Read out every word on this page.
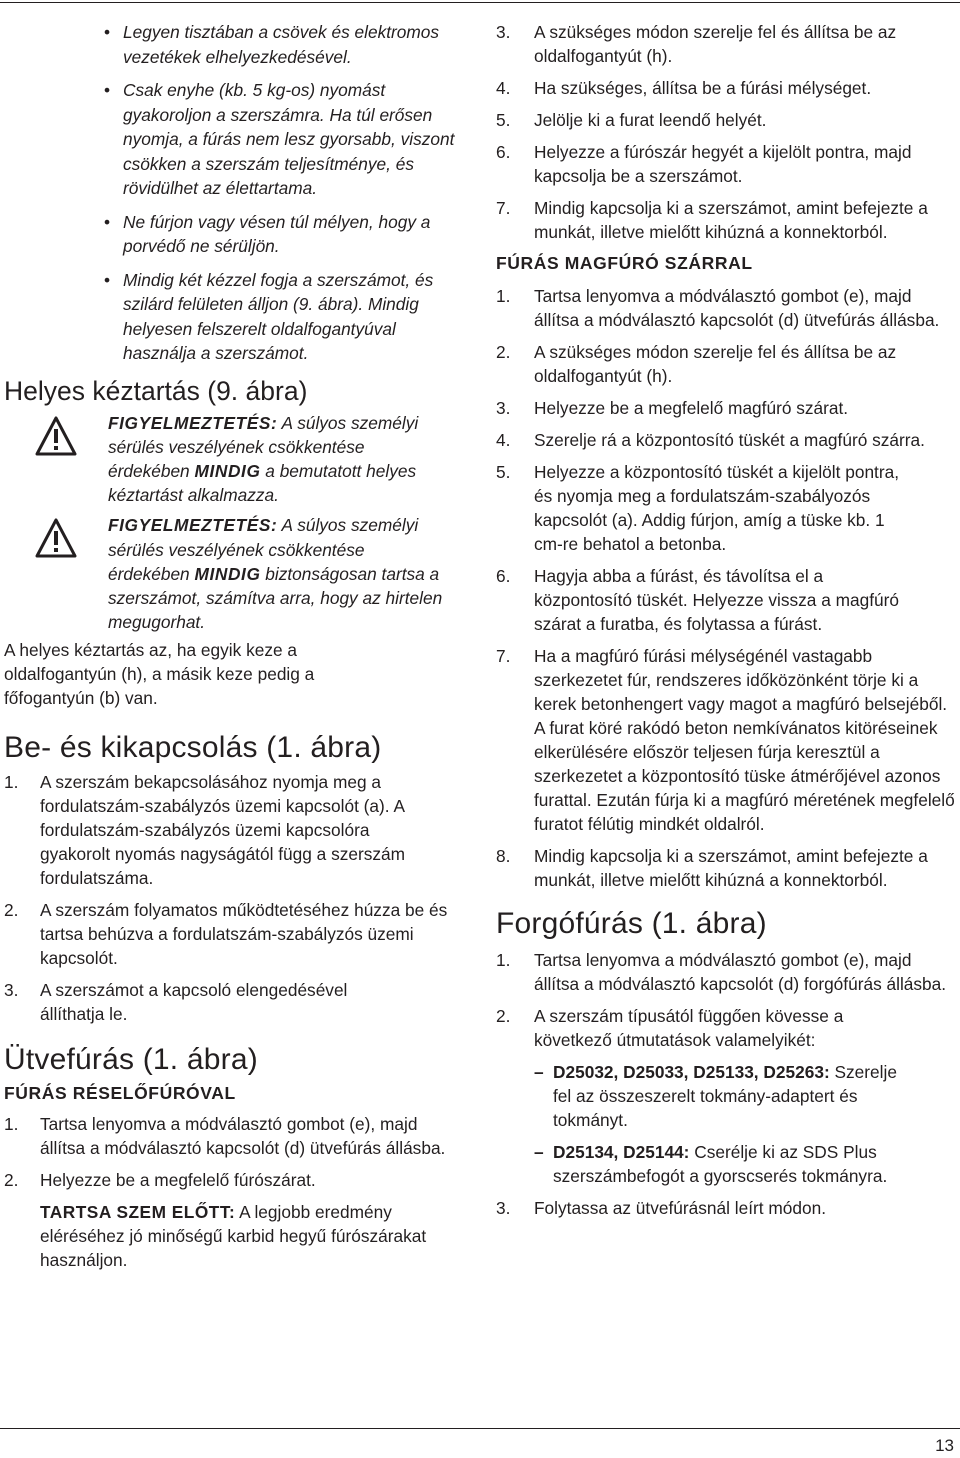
• Legyen tisztában a csövek és elektromos vezetékek elhelyezkedésével.
• Csak enyhe (kb. 5 kg-os) nyomást gyakoroljon a szerszámra. Ha túl erősen nyomja, a fúrás nem lesz gyorsabb, viszont csökken a szerszám teljesítménye, és rövidülhet az élettartama.
• Ne fúrjon vagy vésen túl mélyen, hogy a porvédő ne sérüljön.
• Mindig két kézzel fogja a szerszámot, és szilárd felületen álljon (9. ábra). Mindig helyesen felszerelt oldalfogantyúval használja a szerszámot.
Helyes kéztartás (9. ábra)
FIGYELMEZTETÉS: A súlyos személyi sérülés veszélyének csökkentése érdekében MINDIG a bemutatott helyes kéztartást alkalmazza.
FIGYELMEZTETÉS: A súlyos személyi sérülés veszélyének csökkentése érdekében MINDIG biztonságosan tartsa a szerszámot, számítva arra, hogy az hirtelen megugorhat.

A helyes kéztartás az, ha egyik keze a oldalfogantyún (h), a másik keze pedig a főfogantyún (b) van.

Be- és kikapcsolás (1. ábra)
1. A szerszám bekapcsolásához nyomja meg a fordulatszám-szabályzós üzemi kapcsolót (a). A fordulatszám-szabályzós üzemi kapcsolóra gyakorolt nyomás nagyságától függ a szerszám fordulatszáma.
2. A szerszám folyamatos működtetéséhez húzza be és tartsa behúzva a fordulatszám-szabályzós üzemi kapcsolót.
3. A szerszámot a kapcsoló elengedésével állíthatja le.
Ütvefúrás (1. ábra)
FÚRÁS RÉSELŐFÚRÓVAL
1. Tartsa lenyomva a módválasztó gombot (e), majd állítsa a módválasztó kapcsolót (d) ütvefúrás állásba.
2. Helyezze be a megfelelő fúrószárat.

TARTSA SZEM ELŐTT: A legjobb eredmény eléréséhez jó minőségű karbid hegyű fúrószárakat használjon.

3. A szükséges módon szerelje fel és állítsa be az oldalfogantyút (h).
4. Ha szükséges, állítsa be a fúrási mélységet.
5. Jelölje ki a furat leendő helyét.
6. Helyezze a fúrószár hegyét a kijelölt pontra, majd kapcsolja be a szerszámot.
7. Mindig kapcsolja ki a szerszámot, amint befejezte a munkát, illetve mielőtt kihúzná a konnektorból.
FÚRÁS MAGFÚRÓ SZÁRRAL
1. Tartsa lenyomva a módválasztó gombot (e), majd állítsa a módválasztó kapcsolót (d) ütvefúrás állásba.
2. A szükséges módon szerelje fel és állítsa be az oldalfogantyút (h).
3. Helyezze be a megfelelő magfúró szárat.
4. Szerelje rá a központosító tüskét a magfúró szárra.
5. Helyezze a központosító tüskét a kijelölt pontra, és nyomja meg a fordulatszám-szabályozós kapcsolót (a). Addig fúrjon, amíg a tüske kb. 1 cm-re behatol a betonba.
6. Hagyja abba a fúrást, és távolítsa el a központosító tüskét. Helyezze vissza a magfúró szárat a furatba, és folytassa a fúrást.
7. Ha a magfúró fúrási mélységénél vastagabb szerkezetet fúr, rendszeres időközönként törje ki a kerek betonhengert vagy magot a magfúró belsejéből. A furat köré rakódó beton nemkívánatos kitöréseinek elkerülésére először teljesen fúrja keresztül a szerkezetet a központosító tüske átmérőjével azonos furattal. Ezután fúrja ki a magfúró méretének megfelelő furatot félútig mindkét oldalról.
8. Mindig kapcsolja ki a szerszámot, amint befejezte a munkát, illetve mielőtt kihúzná a konnektorból.
Forgófúrás (1. ábra)
1. Tartsa lenyomva a módválasztó gombot (e), majd állítsa a módválasztó kapcsolót (d) forgófúrás állásba.
2. A szerszám típusától függően kövesse a következő útmutatások valamelyikét:
– D25032, D25033, D25133, D25263: Szerelje fel az összeszerelt tokmány-adaptert és tokmányt.
– D25134, D25144: Cserélje ki az SDS Plus szerszámbefogót a gyorscserés tokmányra.
3. Folytassa az ütvefúrásnál leírt módon.
13
